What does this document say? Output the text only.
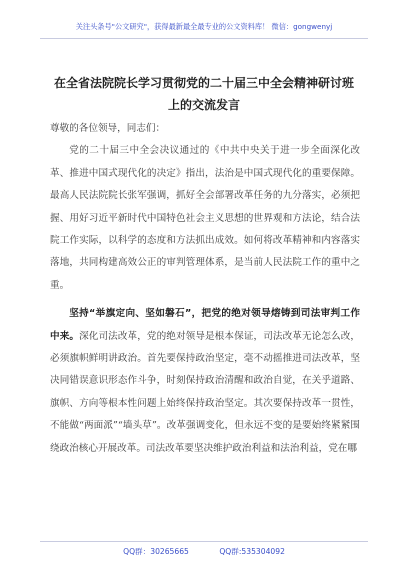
关注头条号"公文研究"，获得最新最全最专业的公文资料库！ 微信：gongwenyj
在全省法院院长学习贯彻党的二十届三中全会精神研讨班上的交流发言

尊敬的各位领导，同志们：

党的二十届三中全会决议通过的《中共中央关于进一步全面深化改革、推进中国式现代化的决定》指出，法治是中国式现代化的重要保障。最高人民法院院长张军强调，抓好全会部署改革任务的九分落实，必须把握、用好习近平新时代中国特色社会主义思想的世界观和方法论，结合法院工作实际，以科学的态度和方法抓出成效。如何将改革精神和内容落实落地，共同构建高效公正的审判管理体系，是当前人民法院工作的重中之重。

坚持“举旗定向、坚如磐石”，把党的绝对领导熔铸到司法审判工作中来。深化司法改革，党的绝对领导是根本保证，司法改革无论怎么改，必须旗帜鲜明讲政治。首先要保持政治坚定，毫不动摇推进司法改革，坚决同错误意识形态作斗争，时刻保持政治清醒和政治自觉，在关乎道路、旗帜、方向等根本性问题上始终保持政治坚定。其次要保持改革一贯性，不能做“两面派”“墙头草”。改革强调变化，但永远不变的是要始终紧紧围绕政治核心开展改革。司法改革要坚决维护政治利益和法治利益，党在哪

QQ群：30265665	QQ群:535304092
